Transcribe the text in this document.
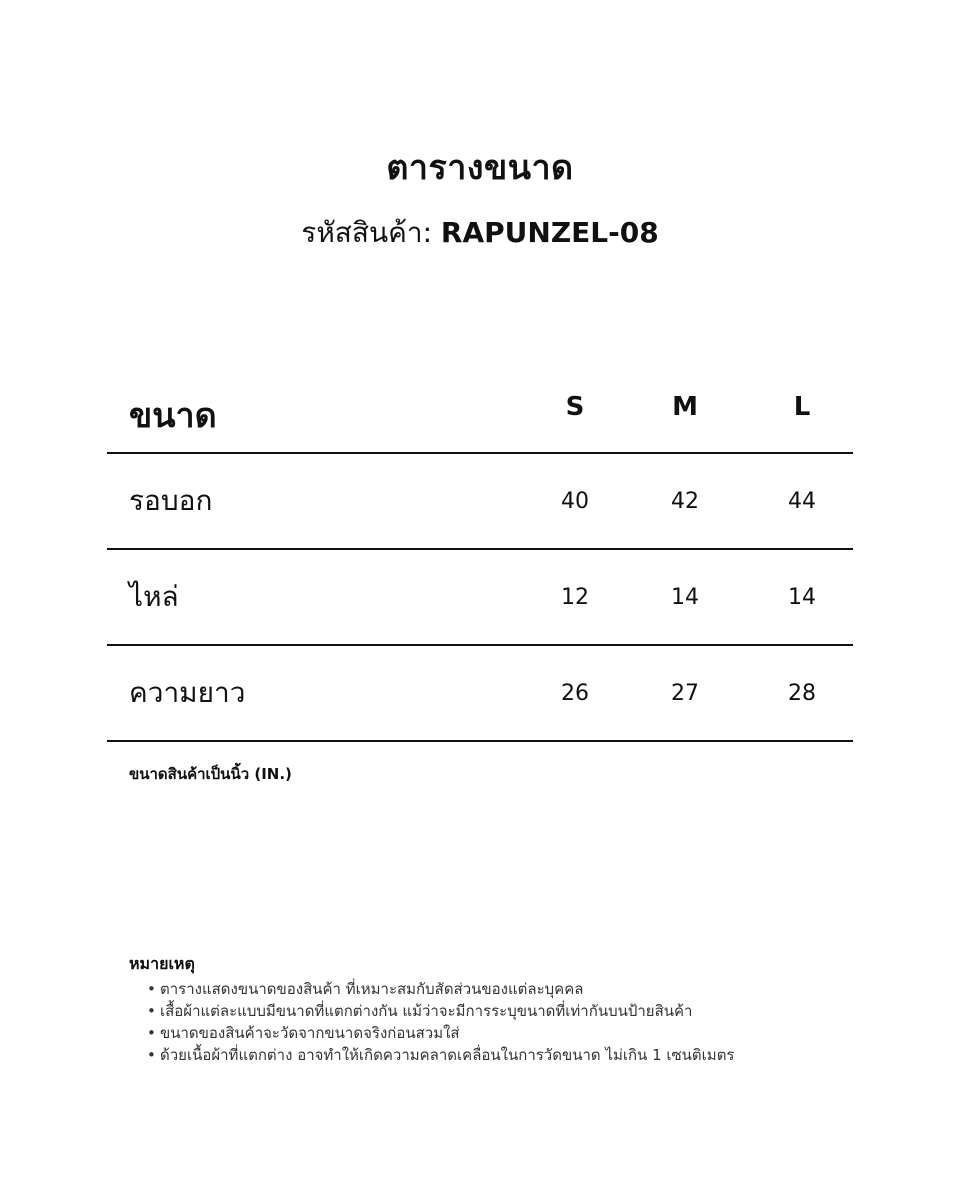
ตารางขนาด
รหัสสินค้า: RAPUNZEL-08
ขนาด	S	M	L
รอบอก	40	42	44
ไหล่	12	14	14
ความยาว	26	27	28
ขนาดสินค้าเป็นนิ้ว (IN.)
หมายเหตุ
• ตารางแสดงขนาดของสินค้า ที่เหมาะสมกับสัดส่วนของแต่ละบุคคล
• เสื้อผ้าแต่ละแบบมีขนาดที่แตกต่างกัน แม้ว่าจะมีการระบุขนาดที่เท่ากันบนป้ายสินค้า
• ขนาดของสินค้าจะวัดจากขนาดจริงก่อนสวมใส่
• ด้วยเนื้อผ้าที่แตกต่าง อาจทำให้เกิดความคลาดเคลื่อนในการวัดขนาด ไม่เกิน 1 เซนติเมตร
